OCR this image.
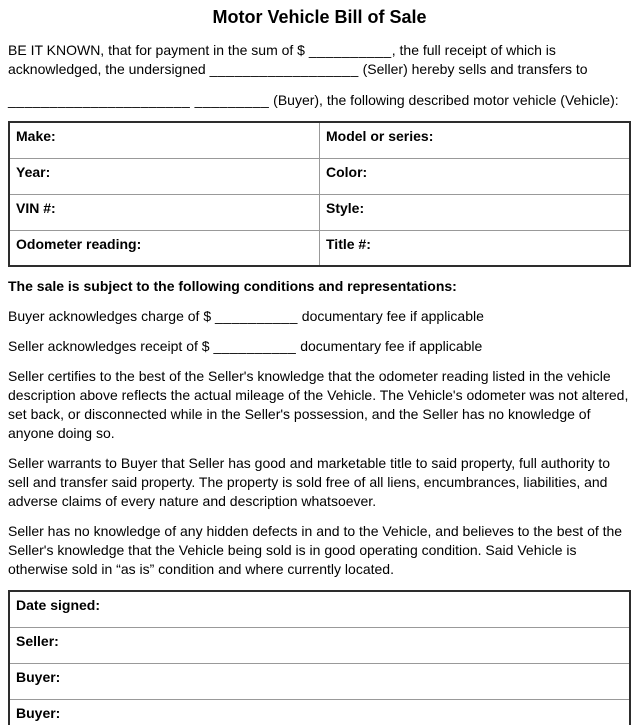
Motor Vehicle Bill of Sale

BE IT KNOWN, that for payment in the sum of $ __________, the full receipt of which is acknowledged, the undersigned __________________ (Seller) hereby sells and transfers to

______________________ _________ (Buyer), the following described motor vehicle (Vehicle):

Make:	Model or series:
Year:	Color:
VIN #:	Style:
Odometer reading:	Title #:

The sale is subject to the following conditions and representations:

Buyer acknowledges charge of $ __________ documentary fee if applicable

Seller acknowledges receipt of $ __________ documentary fee if applicable

Seller certifies to the best of the Seller's knowledge that the odometer reading listed in the vehicle description above reflects the actual mileage of the Vehicle. The Vehicle's odometer was not altered, set back, or disconnected while in the Seller's possession, and the Seller has no knowledge of anyone doing so.

Seller warrants to Buyer that Seller has good and marketable title to said property, full authority to sell and transfer said property. The property is sold free of all liens, encumbrances, liabilities, and adverse claims of every nature and description whatsoever.

Seller has no knowledge of any hidden defects in and to the Vehicle, and believes to the best of the Seller's knowledge that the Vehicle being sold is in good operating condition. Said Vehicle is otherwise sold in “as is” condition and where currently located.

Date signed:
Seller:
Buyer:
Buyer:
